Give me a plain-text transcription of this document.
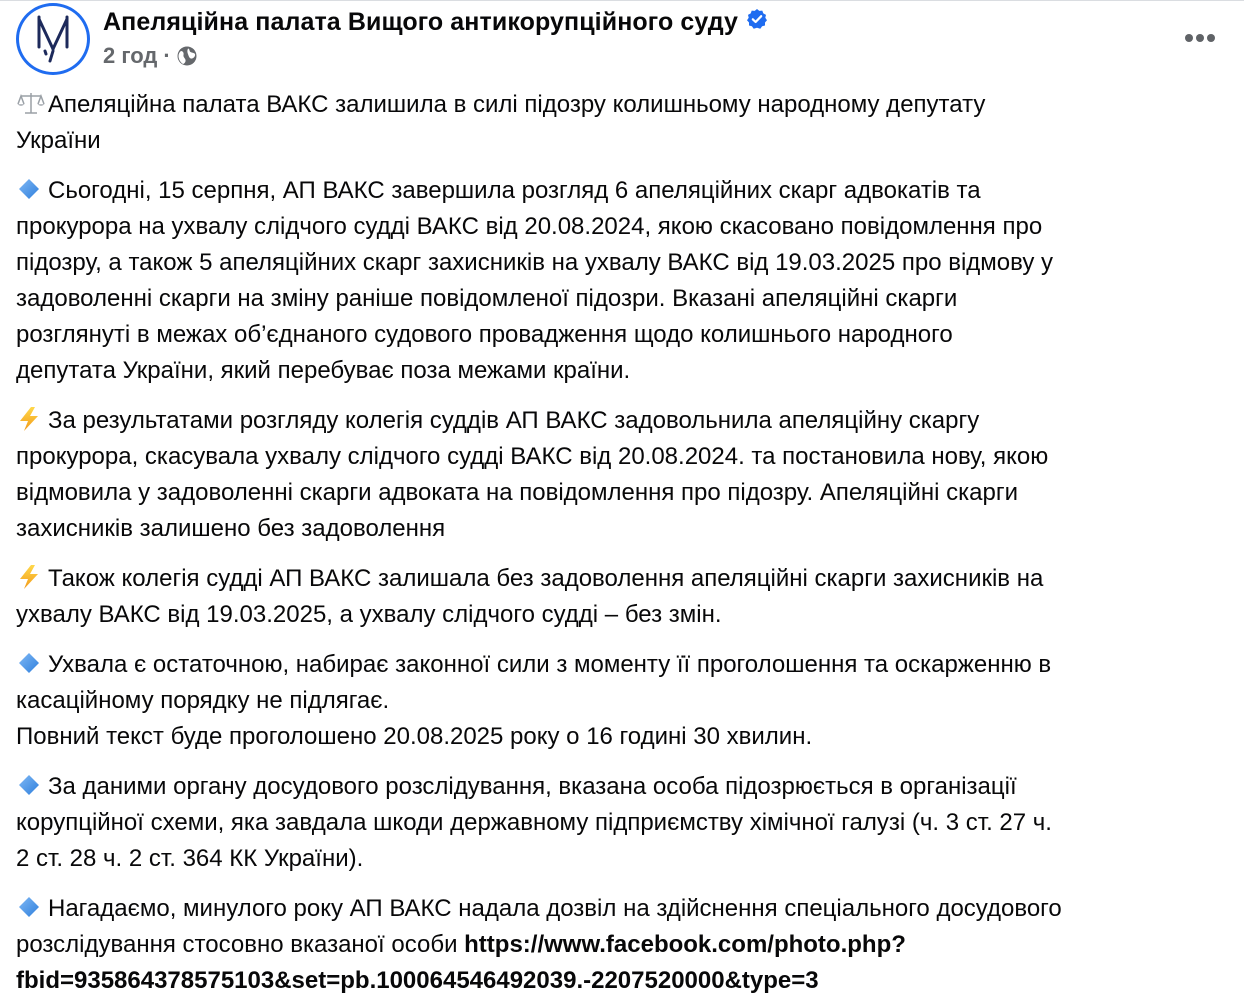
Апеляційна палата Вищого антикорупційного суду
2 год ·
Апеляційна палата ВАКС залишила в силі підозру колишньому народному депутату
України
Сьогодні, 15 серпня, АП ВАКС завершила розгляд 6 апеляційних скарг адвокатів та
прокурора на ухвалу слідчого судді ВАКС від 20.08.2024, якою скасовано повідомлення про
підозру, а також 5 апеляційних скарг захисників на ухвалу ВАКС від 19.03.2025 про відмову у
задоволенні скарги на зміну раніше повідомленої підозри. Вказані апеляційні скарги
розглянуті в межах об’єднаного судового провадження щодо колишнього народного
депутата України, який перебуває поза межами країни.
За результатами розгляду колегія суддів АП ВАКС задовольнила апеляційну скаргу
прокурора, скасувала ухвалу слідчого судді ВАКС від 20.08.2024. та постановила нову, якою
відмовила у задоволенні скарги адвоката на повідомлення про підозру. Апеляційні скарги
захисників залишено без задоволення
Також колегія судді АП ВАКС залишала без задоволення апеляційні скарги захисників на
ухвалу ВАКС від 19.03.2025, а ухвалу слідчого судді – без змін.
Ухвала є остаточною, набирає законної сили з моменту її проголошення та оскарженню в
касаційному порядку не підлягає.
Повний текст буде проголошено 20.08.2025 року о 16 годині 30 хвилин.
За даними органу досудового розслідування, вказана особа підозрюється в організації
корупційної схеми, яка завдала шкоди державному підприємству хімічної галузі (ч. 3 ст. 27 ч.
2 ст. 28 ч. 2 ст. 364 КК України).
Нагадаємо, минулого року АП ВАКС надала дозвіл на здійснення спеціального досудового
розслідування стосовно вказаної особи https://www.facebook.com/photo.php?
fbid=935864378575103&set=pb.100064546492039.-2207520000&type=3
